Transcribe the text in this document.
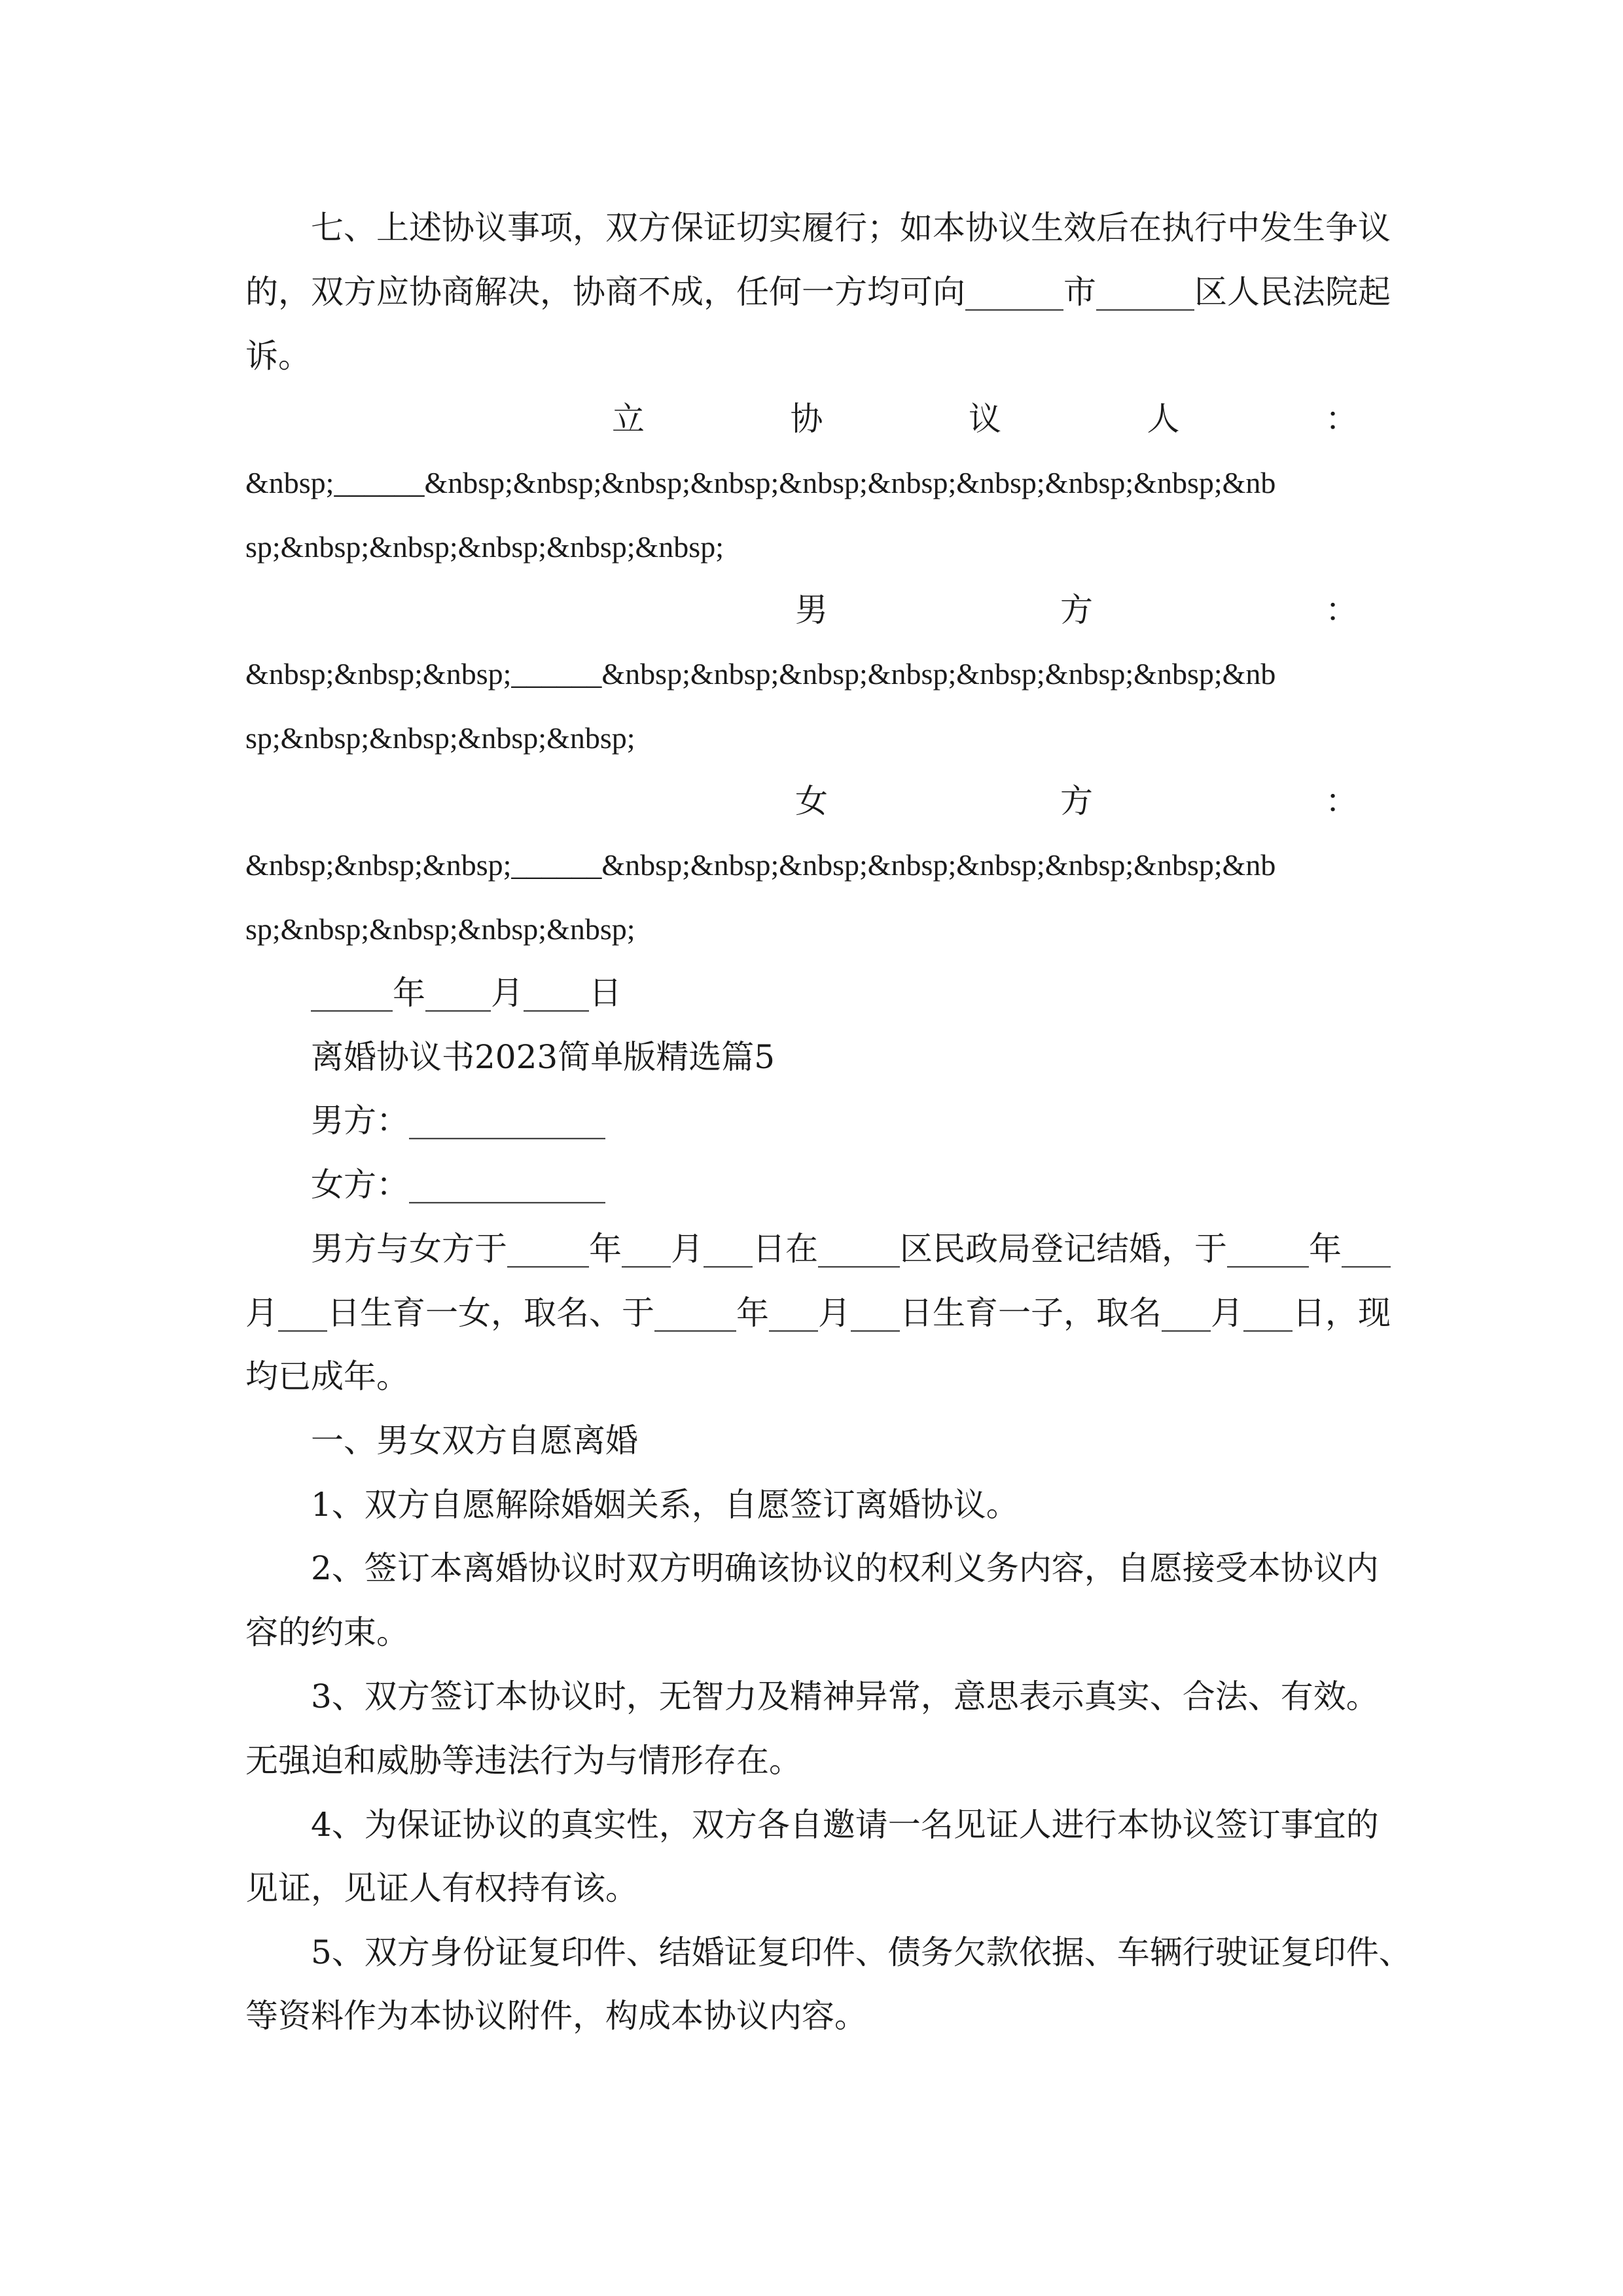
七、上述协议事项，双方保证切实履行；如本协议生效后在执行中发生争议
的，双方应协商解决，协商不成，任何一方均可向______市______区人民法院起
诉。
立	协	议	人	：
&nbsp;______&nbsp;&nbsp;&nbsp;&nbsp;&nbsp;&nbsp;&nbsp;&nbsp;&nbsp;&nb
sp;&nbsp;&nbsp;&nbsp;&nbsp;&nbsp;
男	方	：
&nbsp;&nbsp;&nbsp;______&nbsp;&nbsp;&nbsp;&nbsp;&nbsp;&nbsp;&nbsp;&nb
sp;&nbsp;&nbsp;&nbsp;&nbsp;
女	方	：
&nbsp;&nbsp;&nbsp;______&nbsp;&nbsp;&nbsp;&nbsp;&nbsp;&nbsp;&nbsp;&nb
sp;&nbsp;&nbsp;&nbsp;&nbsp;
_____年____月____日
离婚协议书2023简单版精选篇5
男方：____________
女方：____________
男方与女方于_____年___月___日在_____区民政局登记结婚，于_____年___
月___日生育一女，取名、于_____年___月___日生育一子，取名___月___日，现
均已成年。
一、男女双方自愿离婚
1、双方自愿解除婚姻关系，自愿签订离婚协议。
2、签订本离婚协议时双方明确该协议的权利义务内容，自愿接受本协议内
容的约束。
3、双方签订本协议时，无智力及精神异常，意思表示真实、合法、有效。
无强迫和威胁等违法行为与情形存在。
4、为保证协议的真实性，双方各自邀请一名见证人进行本协议签订事宜的
见证，见证人有权持有该。
5、双方身份证复印件、结婚证复印件、债务欠款依据、车辆行驶证复印件、
等资料作为本协议附件，构成本协议内容。
